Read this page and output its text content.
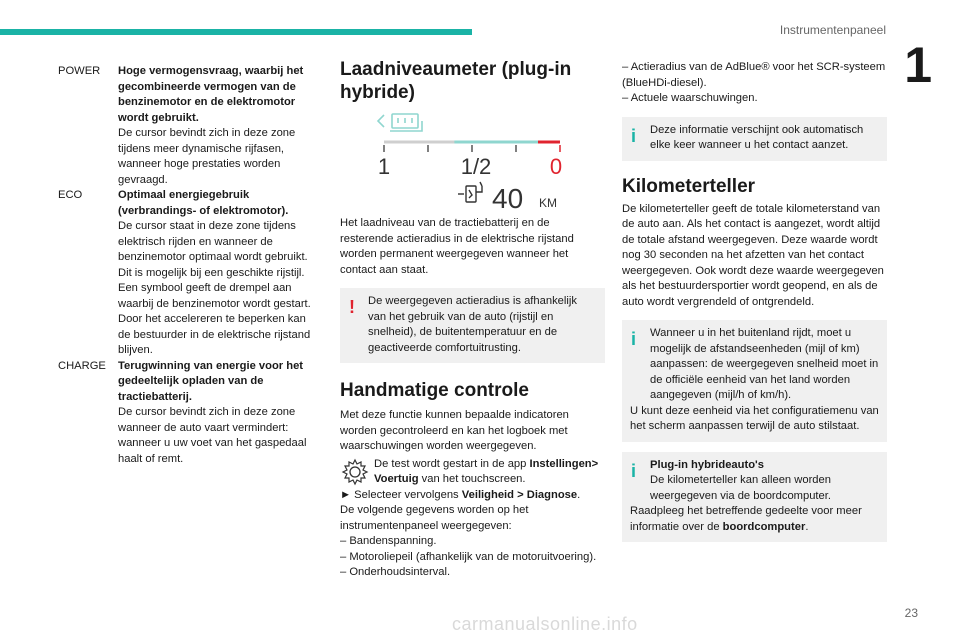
Instrumentenpaneel
1
POWER	Hoge vermogensvraag, waarbij het gecombineerde vermogen van de benzinemotor en de elektromotor wordt gebruikt.
De cursor bevindt zich in deze zone tijdens meer dynamische rijfasen, wanneer hoge prestaties worden gevraagd.
ECO	Optimaal energiegebruik (verbrandings- of elektromotor).
De cursor staat in deze zone tijdens elektrisch rijden en wanneer de benzinemotor optimaal wordt gebruikt. Dit is mogelijk bij een geschikte rijstijl. Een symbool geeft de drempel aan waarbij de benzinemotor wordt gestart. Door het accelereren te beperken kan de bestuurder in de elektrische rijstand blijven.
CHARGE	Terugwinning van energie voor het gedeeltelijk opladen van de tractiebatterij.
De cursor bevindt zich in deze zone wanneer de auto vaart vermindert: wanneer u uw voet van het gaspedaal haalt of remt.
Laadniveaumeter (plug-in hybride)
1	1/2	0
40 KM

Het laadniveau van de tractiebatterij en de resterende actieradius in de elektrische rijstand worden permanent weergegeven wanneer het contact aan staat.

!	De weergegeven actieradius is afhankelijk van het gebruik van de auto (rijstijl en snelheid), de buitentemperatuur en de geactiveerde comfortuitrusting.
Handmatige controle

Met deze functie kunnen bepaalde indicatoren worden gecontroleerd en kan het logboek met waarschuwingen worden weergegeven.

De test wordt gestart in de app Instellingen>
Voertuig van het touchscreen.

► Selecteer vervolgens Veiligheid > Diagnose.

De volgende gegevens worden op het instrumentenpaneel weergegeven:

– Bandenspanning.
– Motoroliepeil (afhankelijk van de motoruitvoering).
– Onderhoudsinterval.
– Actieradius van de AdBlue® voor het SCR-systeem (BlueHDi-diesel).
– Actuele waarschuwingen.
i	Deze informatie verschijnt ook automatisch elke keer wanneer u het contact aanzet.
Kilometerteller

De kilometerteller geeft de totale kilometerstand van de auto aan. Als het contact is aangezet, wordt altijd de totale afstand weergegeven. Deze waarde wordt nog 30 seconden na het afzetten van het contact weergegeven. Ook wordt deze waarde weergegeven als het bestuurdersportier wordt geopend, en als de auto wordt vergrendeld of ontgrendeld.

i	Wanneer u in het buitenland rijdt, moet u mogelijk de afstandseenheden (mijl of km) aanpassen: de weergegeven snelheid moet in de officiële eenheid van het land worden aangegeven (mijl/h of km/h).
U kunt deze eenheid via het configuratiemenu van het scherm aanpassen terwijl de auto stilstaat.
i	Plug-in hybrideauto's
De kilometerteller kan alleen worden weergegeven via de boordcomputer.
Raadpleeg het betreffende gedeelte voor meer informatie over de boordcomputer.
carmanualsonline.info
23
